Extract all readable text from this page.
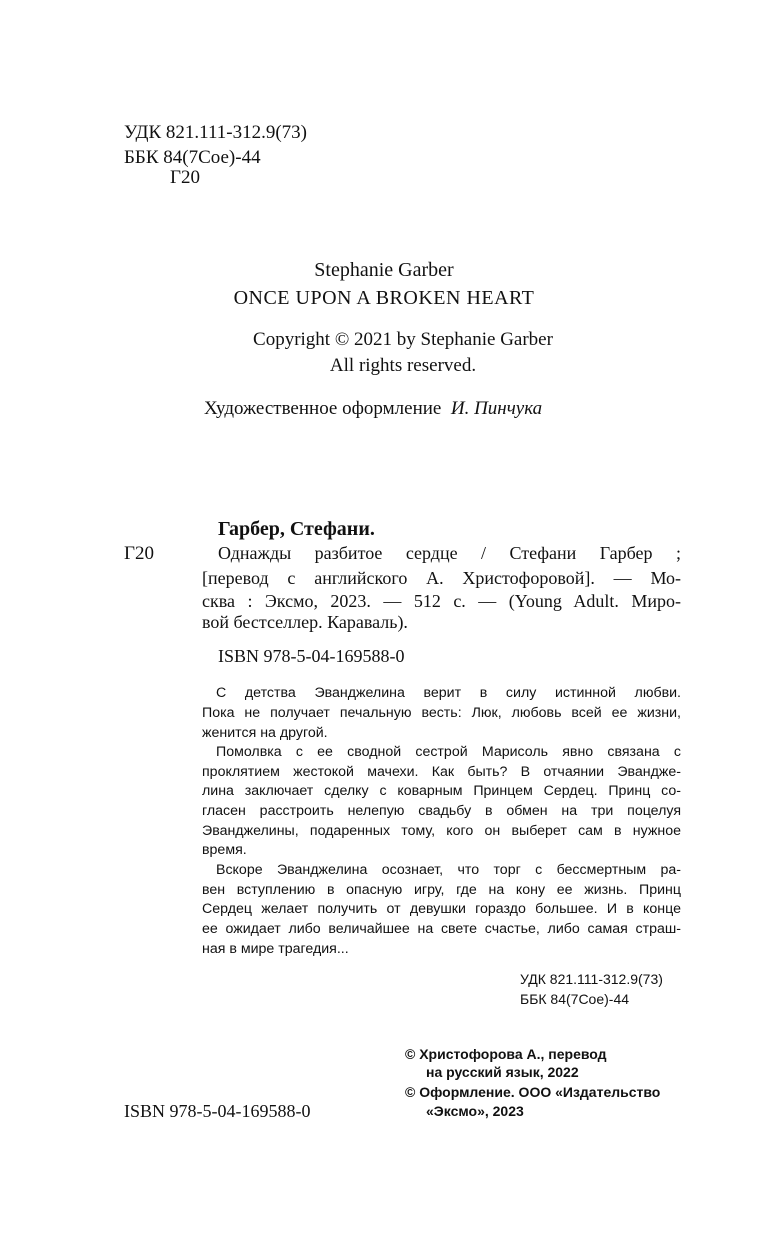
УДК 821.111-312.9(73)
ББК 84(7Сое)-44
Г20
Stephanie Garber
ONCE UPON A BROKEN HEART
Copyright © 2021 by Stephanie Garber
All rights reserved.
Художественное оформление И. Пинчука
Гарбер, Стефани.
Г20	Однажды разбитое сердце / Стефани Гарбер ;
[перевод с английского А. Христофоровой]. — Мо-
сква : Эксмо, 2023. — 512 с. — (Young Adult. Миро-
вой бестселлер. Караваль).
ISBN 978-5-04-169588-0
С детства Эванджелина верит в силу истинной любви.
Пока не получает печальную весть: Люк, любовь всей ее жизни,
женится на другой.
Помолвка с ее сводной сестрой Марисоль явно связана с
проклятием жестокой мачехи. Как быть? В отчаянии Эванджe-
лина заключает сделку с коварным Принцем Сердец. Принц со-
гласен расстроить нелепую свадьбу в обмен на три поцелуя
Эванджелины, подаренных тому, кого он выберет сам в нужное
время.
Вскоре Эванджелина осознает, что торг с бессмертным ра-
вен вступлению в опасную игру, где на кону ее жизнь. Принц
Сердец желает получить от девушки гораздо большее. И в конце
ее ожидает либо величайшее на свете счастье, либо самая страш-
ная в мире трагедия...
УДК 821.111-312.9(73)
ББК 84(7Сое)-44
© Христофорова А., перевод
на русский язык, 2022
© Оформление. ООО «Издательство
«Эксмо», 2023
ISBN 978-5-04-169588-0
